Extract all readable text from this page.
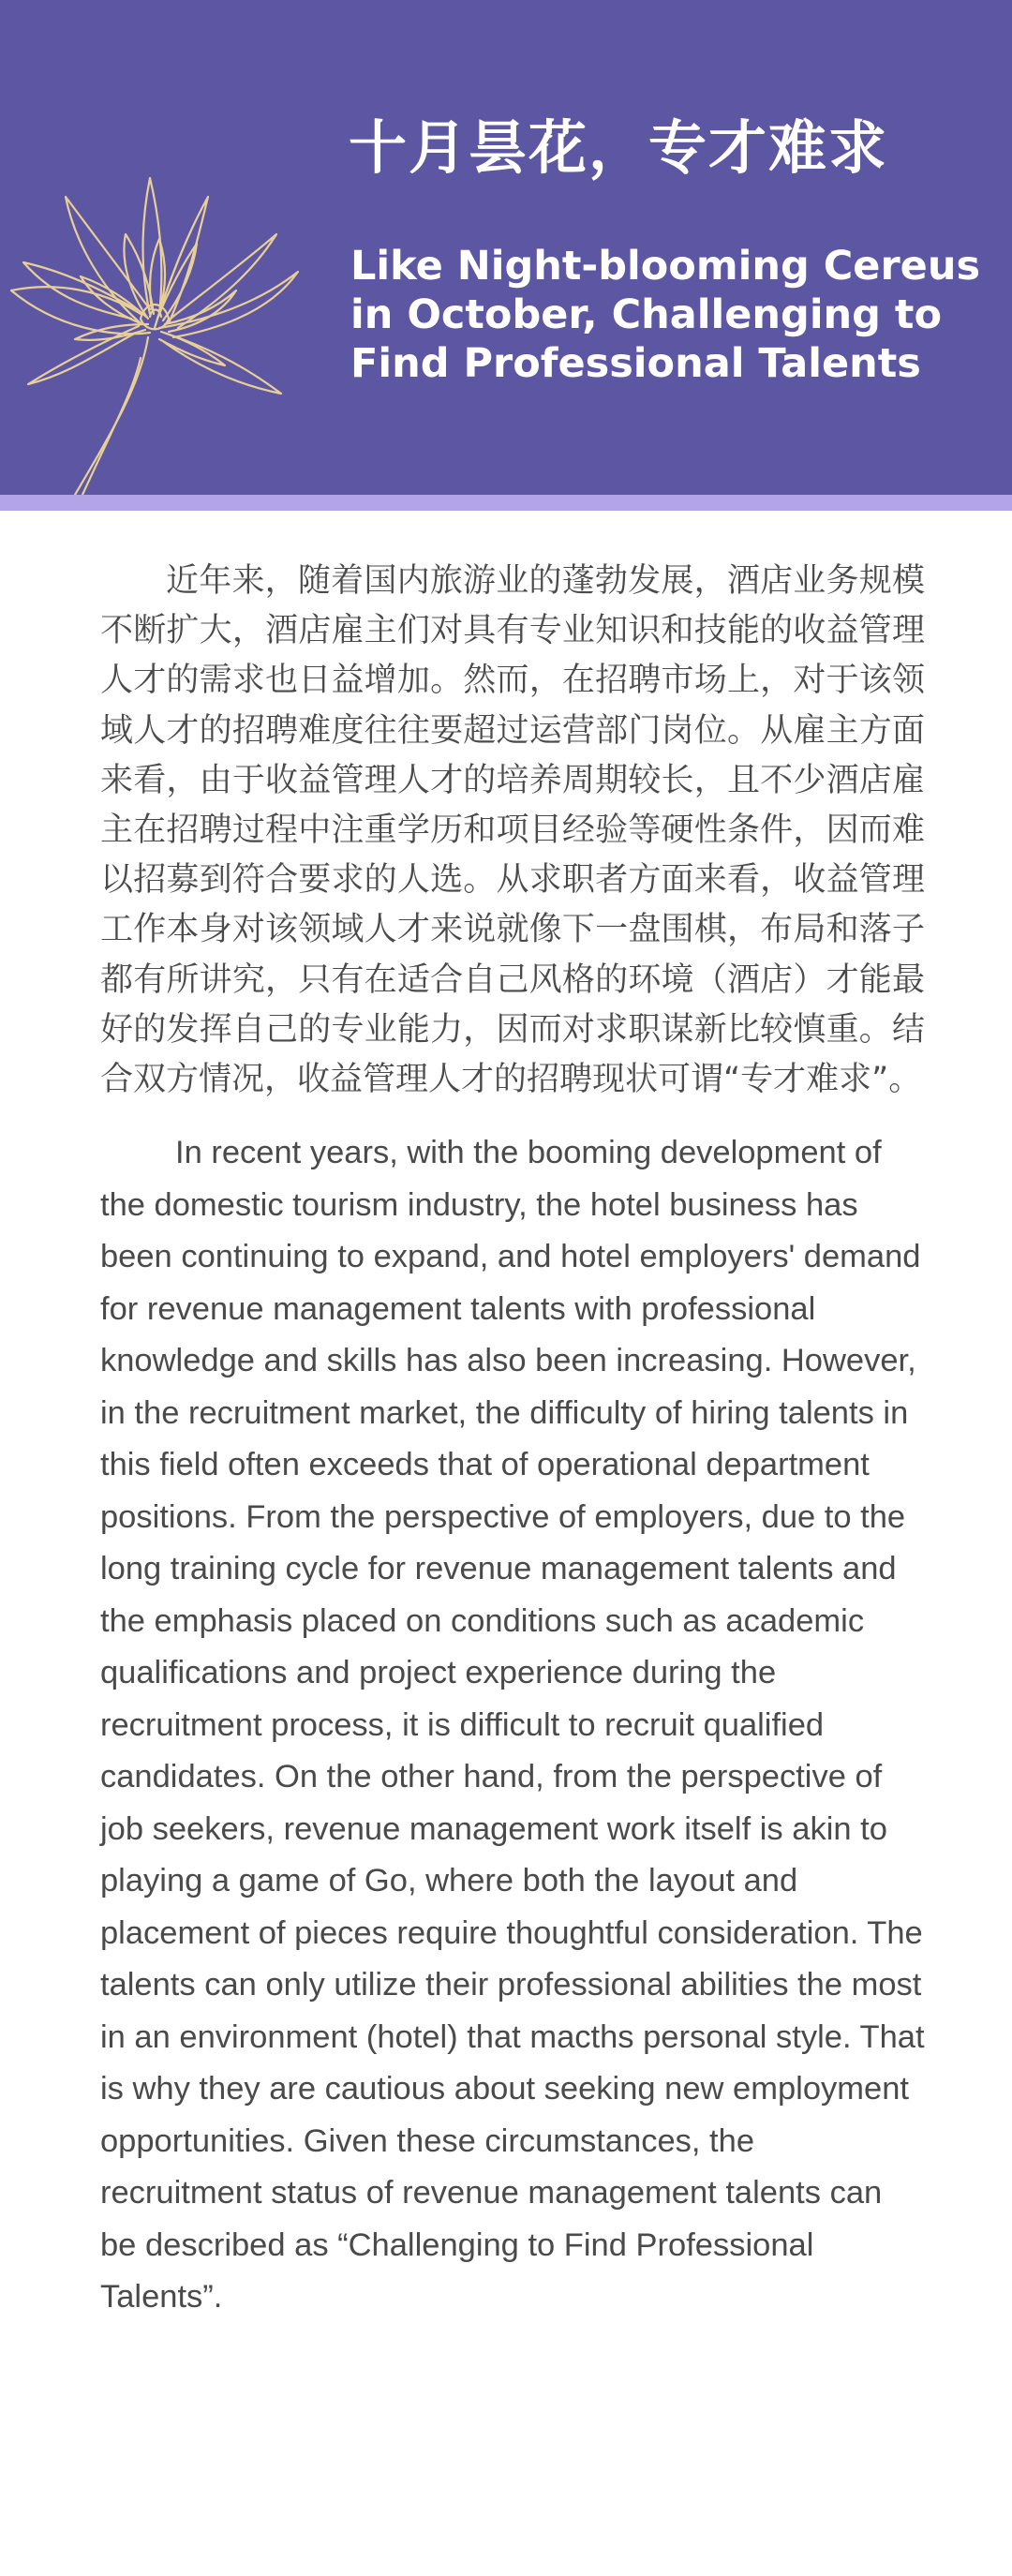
十月昙花，专才难求
Like Night-blooming Cereus
in October, Challenging to
Find Professional Talents

近年来，随着国内旅游业的蓬勃发展，酒店业务规模不断扩大，酒店雇主们对具有专业知识和技能的收益管理人才的需求也日益增加。然而，在招聘市场上，对于该领域人才的招聘难度往往要超过运营部门岗位。从雇主方面来看，由于收益管理人才的培养周期较长，且不少酒店雇主在招聘过程中注重学历和项目经验等硬性条件，因而难以招募到符合要求的人选。从求职者方面来看，收益管理工作本身对该领域人才来说就像下一盘围棋，布局和落子都有所讲究，只有在适合自己风格的环境（酒店）才能最好的发挥自己的专业能力，因而对求职谋新比较慎重。结合双方情况，收益管理人才的招聘现状可谓“专才难求”。

In recent years, with the booming development of the domestic tourism industry, the hotel business has been continuing to expand, and hotel employers' demand for revenue management talents with professional knowledge and skills has also been increasing. However, in the recruitment market, the difficulty of hiring talents in this field often exceeds that of operational department positions. From the perspective of employers, due to the long training cycle for revenue management talents and the emphasis placed on conditions such as academic qualifications and project experience during the recruitment process, it is difficult to recruit qualified candidates. On the other hand, from the perspective of job seekers, revenue management work itself is akin to playing a game of Go, where both the layout and placement of pieces require thoughtful consideration. The talents can only utilize their professional abilities the most in an environment (hotel) that macths personal style. That is why they are cautious about seeking new employment opportunities. Given these circumstances, the recruitment status of revenue management talents can be described as “Challenging to Find Professional Talents”.
